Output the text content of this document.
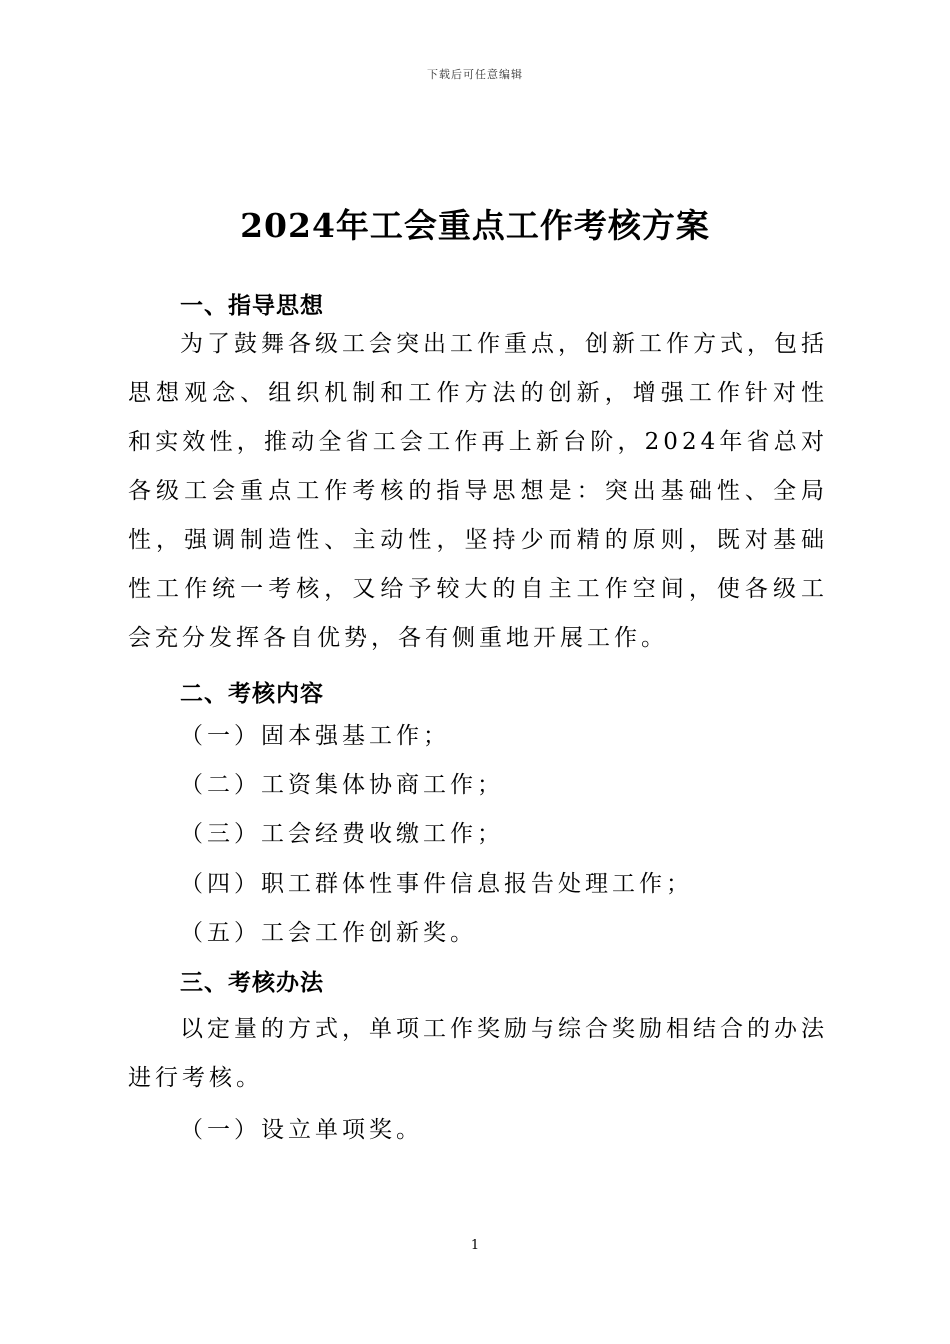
下载后可任意编辑
2024年工会重点工作考核方案
一、指导思想
为了鼓舞各级工会突出工作重点，创新工作方式，包括思想观念、组织机制和工作方法的创新，增强工作针对性和实效性，推动全省工会工作再上新台阶，2024年省总对各级工会重点工作考核的指导思想是：突出基础性、全局性，强调制造性、主动性，坚持少而精的原则，既对基础性工作统一考核，又给予较大的自主工作空间，使各级工会充分发挥各自优势，各有侧重地开展工作。
二、考核内容
（一）固本强基工作；
（二）工资集体协商工作；
（三）工会经费收缴工作；
（四）职工群体性事件信息报告处理工作；
（五）工会工作创新奖。
三、考核办法
以定量的方式，单项工作奖励与综合奖励相结合的办法进行考核。
（一）设立单项奖。
1
